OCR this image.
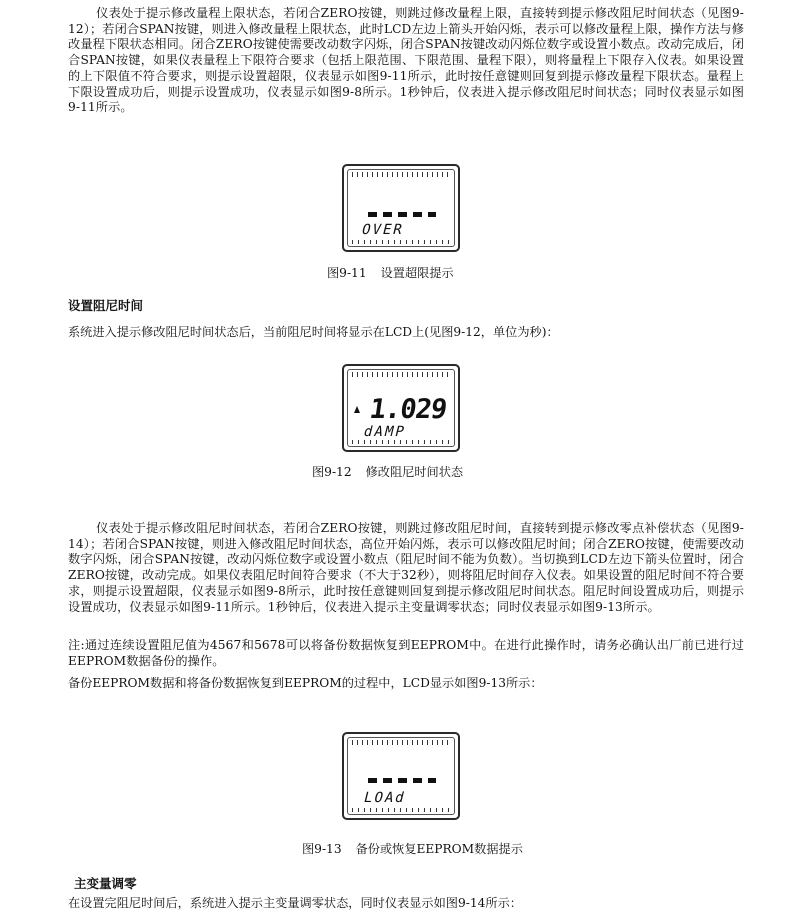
仪表处于提示修改量程上限状态，若闭合ZERO按键，则跳过修改量程上限，直接转到提示修改阻尼时间状态（见图9-12）；若闭合SPAN按键，则进入修改量程上限状态，此时LCD左边上箭头开始闪烁，表示可以修改量程上限，操作方法与修改量程下限状态相同。闭合ZERO按键使需要改动数字闪烁，闭合SPAN按键改动闪烁位数字或设置小数点。改动完成后，闭合SPAN按键，如果仪表量程上下限符合要求（包括上限范围、下限范围、量程下限），则将量程上下限存入仪表。如果设置的上下限值不符合要求，则提示设置超限，仪表显示如图9-11所示，此时按任意键则回复到提示修改量程下限状态。量程上下限设置成功后，则提示设置成功，仪表显示如图9-8所示。1秒钟后，仪表进入提示修改阻尼时间状态；同时仪表显示如图9-11所示。

OVER
图9-11 设置超限提示

设置阻尼时间

系统进入提示修改阻尼时间状态后，当前阻尼时间将显示在LCD上(见图9-12，单位为秒)：

1.029
dAMP
图9-12 修改阻尼时间状态

仪表处于提示修改阻尼时间状态，若闭合ZERO按键，则跳过修改阻尼时间，直接转到提示修改零点补偿状态（见图9-14）；若闭合SPAN按键，则进入修改阻尼时间状态，高位开始闪烁，表示可以修改阻尼时间；闭合ZERO按键，使需要改动数字闪烁，闭合SPAN按键，改动闪烁位数字或设置小数点（阻尼时间不能为负数）。当切换到LCD左边下箭头位置时，闭合ZERO按键，改动完成。如果仪表阻尼时间符合要求（不大于32秒），则将阻尼时间存入仪表。如果设置的阻尼时间不符合要求，则提示设置超限，仪表显示如图9-8所示，此时按任意键则回复到提示修改阻尼时间状态。阻尼时间设置成功后，则提示设置成功，仪表显示如图9-11所示。1秒钟后，仪表进入提示主变量调零状态；同时仪表显示如图9-13所示。

注:通过连续设置阻尼值为4567和5678可以将备份数据恢复到EEPROM中。在进行此操作时，请务必确认出厂前已进行过EEPROM数据备份的操作。

备份EEPROM数据和将备份数据恢复到EEPROM的过程中，LCD显示如图9-13所示：

LOAd
图9-13 备份或恢复EEPROM数据提示

主变量调零

在设置完阻尼时间后，系统进入提示主变量调零状态，同时仪表显示如图9-14所示：
